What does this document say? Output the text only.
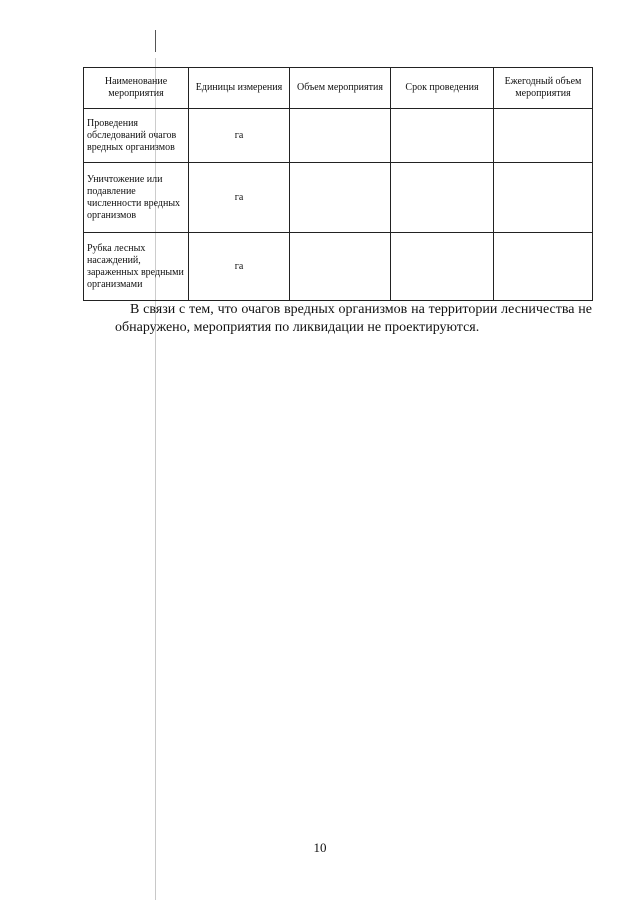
Наименование мероприятия	Единицы измерения	Объем мероприятия	Срок проведения	Ежегодный объем мероприятия
Проведения обследований очагов вредных организмов	га			
Уничтожение или подавление численности вредных организмов	га			
Рубка лесных насаждений, зараженных вредными организмами	га			

В связи с тем, что очагов вредных организмов на территории лесничества не обнаружено, мероприятия по ликвидации не проектируются.

10
